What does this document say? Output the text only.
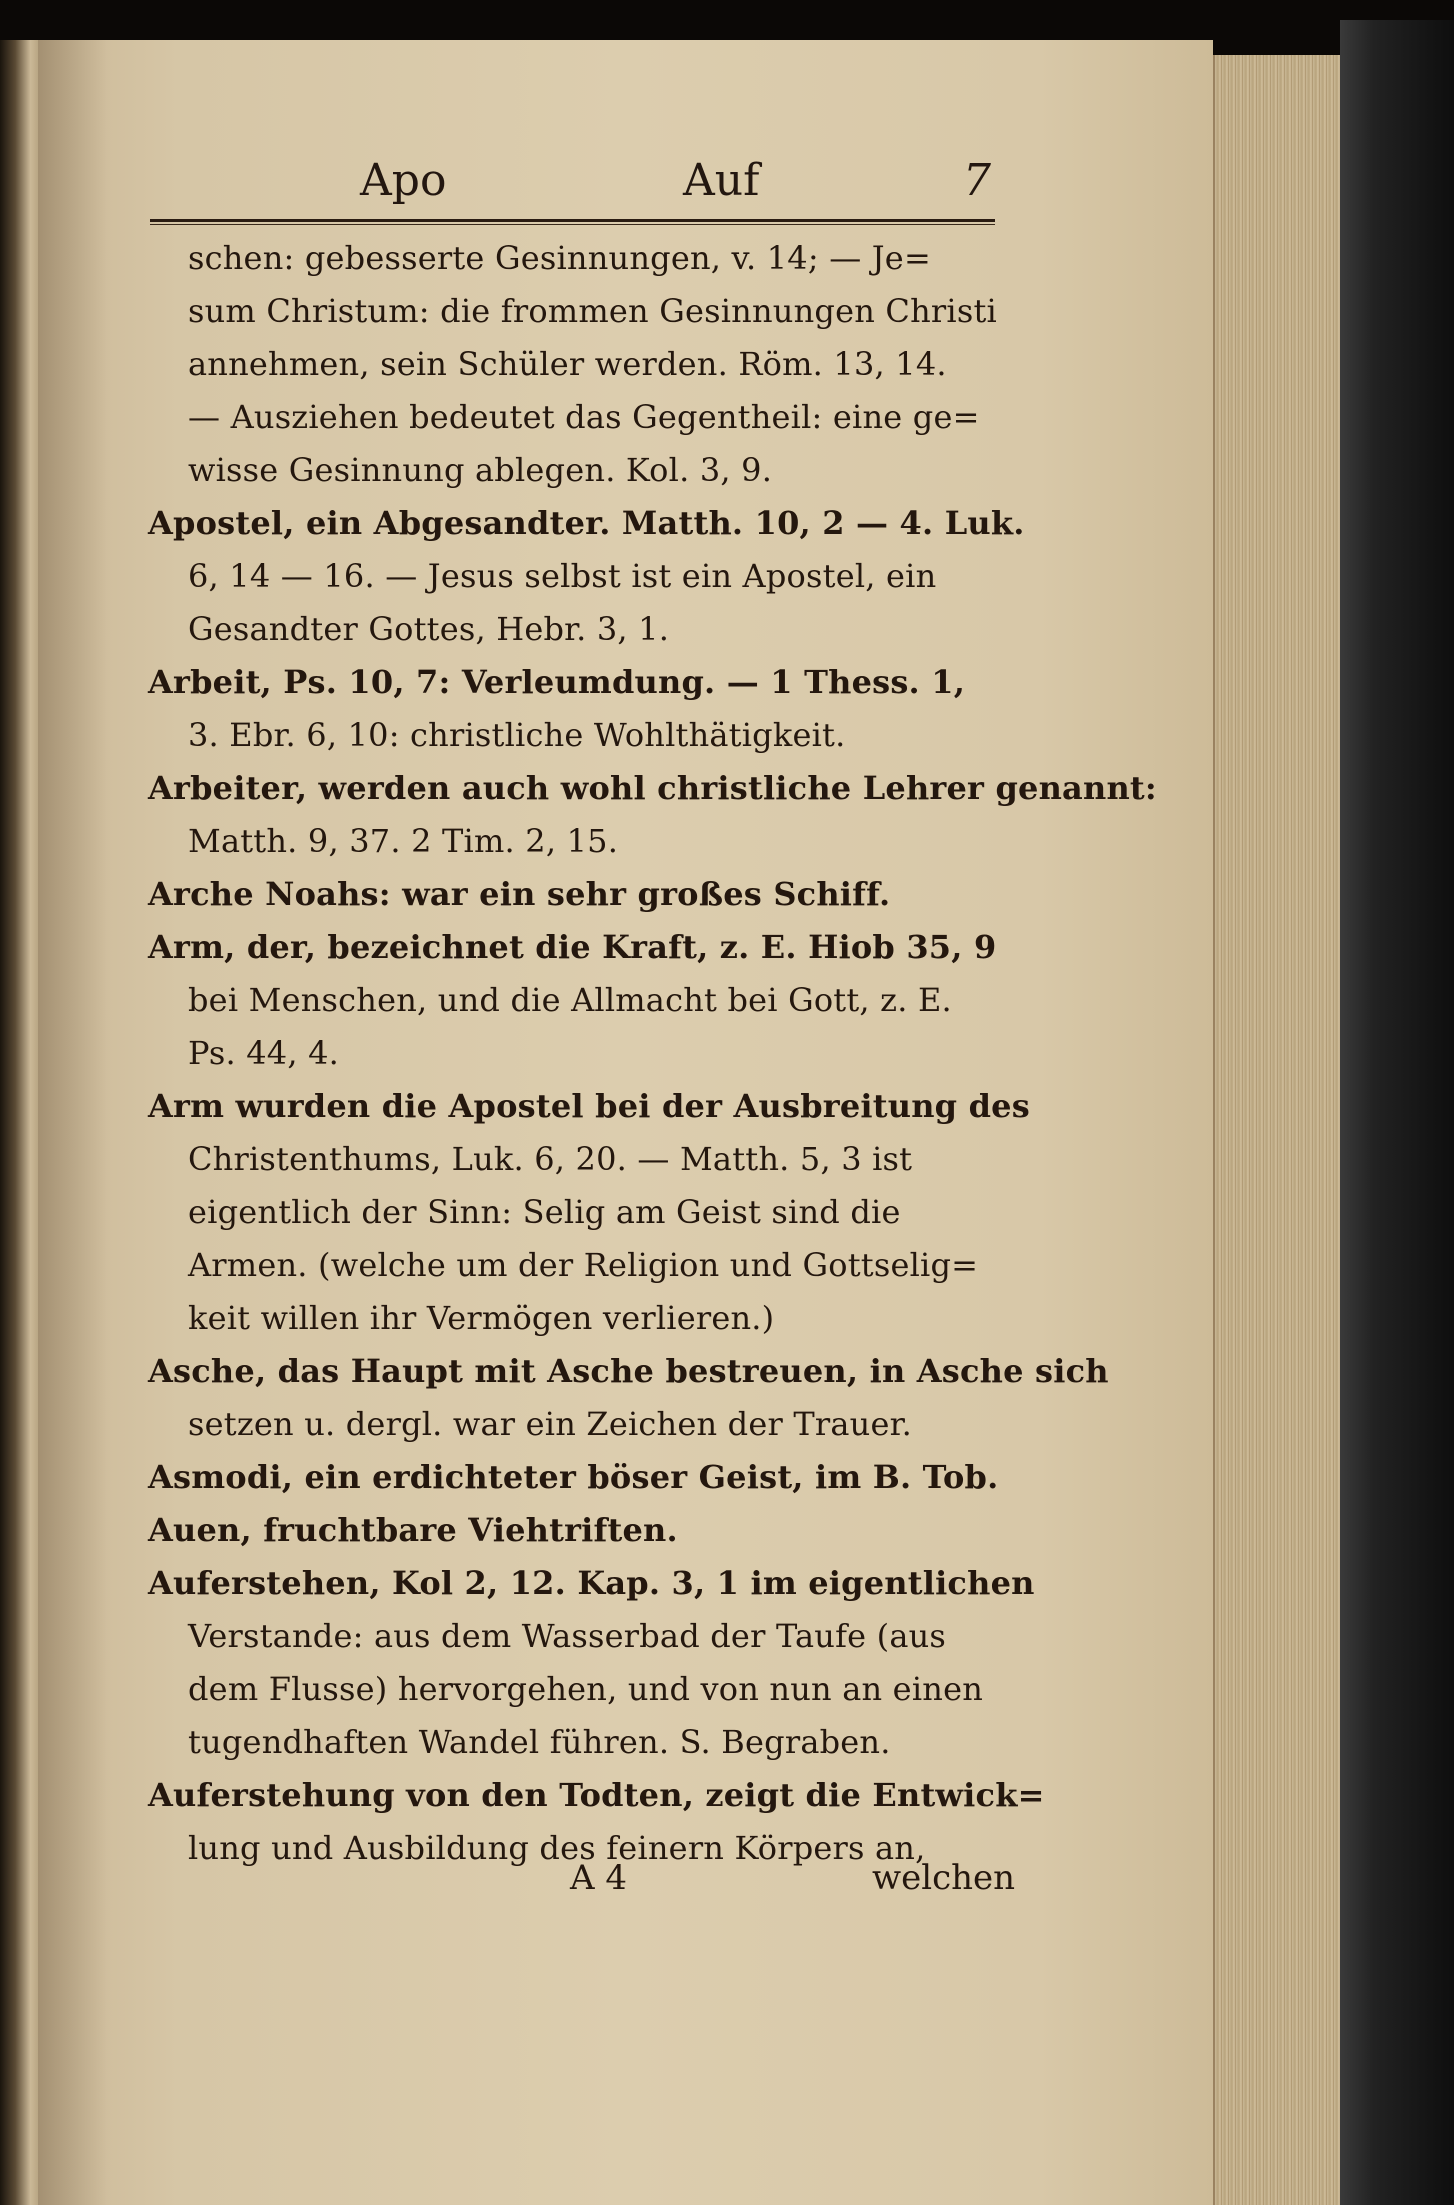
Apo	Auf	7
schen: gebesserte Gesinnungen, v. 14; — Je=
sum Christum: die frommen Gesinnungen Christi
annehmen, sein Schüler werden. Röm. 13, 14.
— Ausziehen bedeutet das Gegentheil: eine ge=
wisse Gesinnung ablegen. Kol. 3, 9.
Apostel, ein Abgesandter. Matth. 10, 2 — 4. Luk.
6, 14 — 16. — Jesus selbst ist ein Apostel, ein
Gesandter Gottes, Hebr. 3, 1.
Arbeit, Ps. 10, 7: Verleumdung. — 1 Thess. 1,
3. Ebr. 6, 10: christliche Wohlthätigkeit.
Arbeiter, werden auch wohl christliche Lehrer genannt:
Matth. 9, 37. 2 Tim. 2, 15.
Arche Noahs: war ein sehr großes Schiff.
Arm, der, bezeichnet die Kraft, z. E. Hiob 35, 9
bei Menschen, und die Allmacht bei Gott, z. E.
Ps. 44, 4.
Arm wurden die Apostel bei der Ausbreitung des
Christenthums, Luk. 6, 20. — Matth. 5, 3 ist
eigentlich der Sinn: Selig am Geist sind die
Armen. (welche um der Religion und Gottselig=
keit willen ihr Vermögen verlieren.)
Asche, das Haupt mit Asche bestreuen, in Asche sich
setzen u. dergl. war ein Zeichen der Trauer.
Asmodi, ein erdichteter böser Geist, im B. Tob.
Auen, fruchtbare Viehtriften.
Auferstehen, Kol 2, 12. Kap. 3, 1 im eigentlichen
Verstande: aus dem Wasserbad der Taufe (aus
dem Flusse) hervorgehen, und von nun an einen
tugendhaften Wandel führen. S. Begraben.
Auferstehung von den Todten, zeigt die Entwick=
lung und Ausbildung des feinern Körpers an,
A 4	welchen
